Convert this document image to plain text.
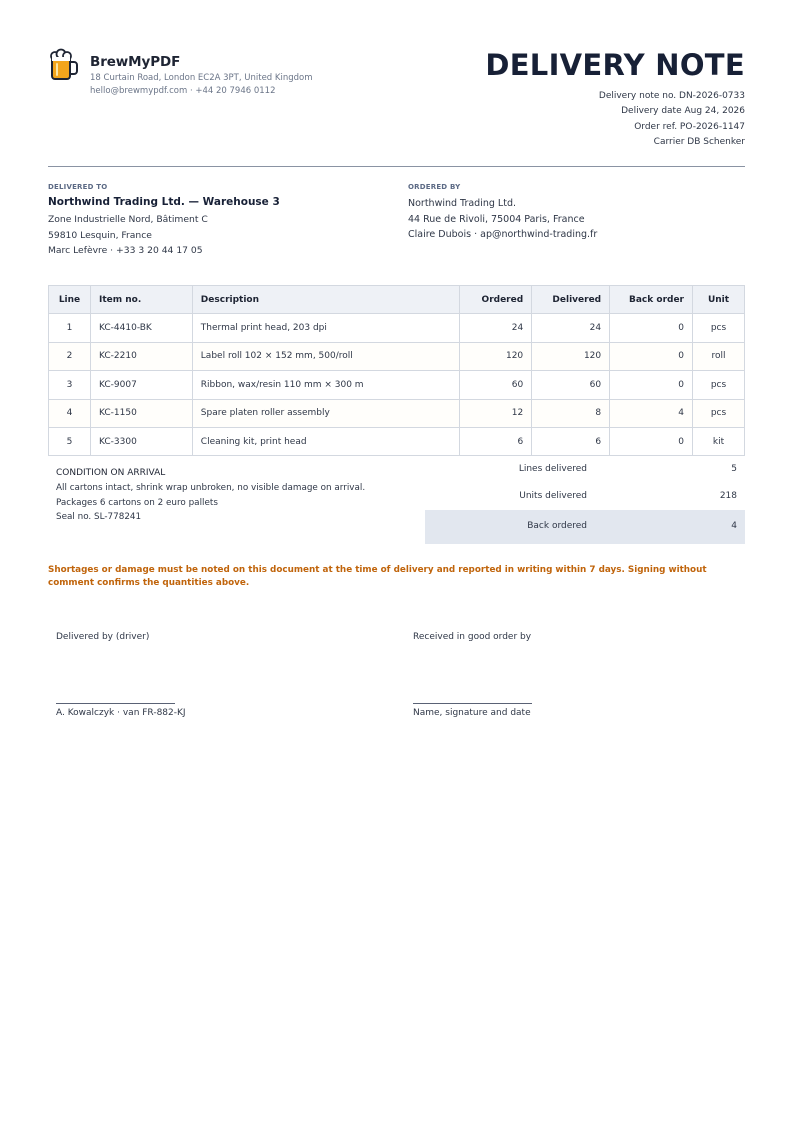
BrewMyPDF
18 Curtain Road, London EC2A 3PT, United Kingdom
hello@brewmypdf.com · +44 20 7946 0112
DELIVERY NOTE
Delivery note no. DN-2026-0733
Delivery date Aug 24, 2026
Order ref. PO-2026-1147
Carrier DB Schenker
DELIVERED TO
Northwind Trading Ltd. — Warehouse 3
Zone Industrielle Nord, Bâtiment C
59810 Lesquin, France
Marc Lefèvre · +33 3 20 44 17 05
ORDERED BY
Northwind Trading Ltd.
44 Rue de Rivoli, 75004 Paris, France
Claire Dubois · ap@northwind-trading.fr
Line	Item no.	Description	Ordered	Delivered	Back order	Unit
1	KC-4410-BK	Thermal print head, 203 dpi	24	24	0	pcs
2	KC-2210	Label roll 102 × 152 mm, 500/roll	120	120	0	roll
3	KC-9007	Ribbon, wax/resin 110 mm × 300 m	60	60	0	pcs
4	KC-1150	Spare platen roller assembly	12	8	4	pcs
5	KC-3300	Cleaning kit, print head	6	6	0	kit
CONDITION ON ARRIVAL
All cartons intact, shrink wrap unbroken, no visible damage on arrival.
Packages 6 cartons on 2 euro pallets
Seal no. SL-778241
Lines delivered	5
Units delivered	218
Back ordered	4
Shortages or damage must be noted on this document at the time of delivery and reported in writing within 7 days. Signing without comment confirms the quantities above.
Delivered by (driver)
A. Kowalczyk · van FR-882-KJ
Received in good order by
Name, signature and date
